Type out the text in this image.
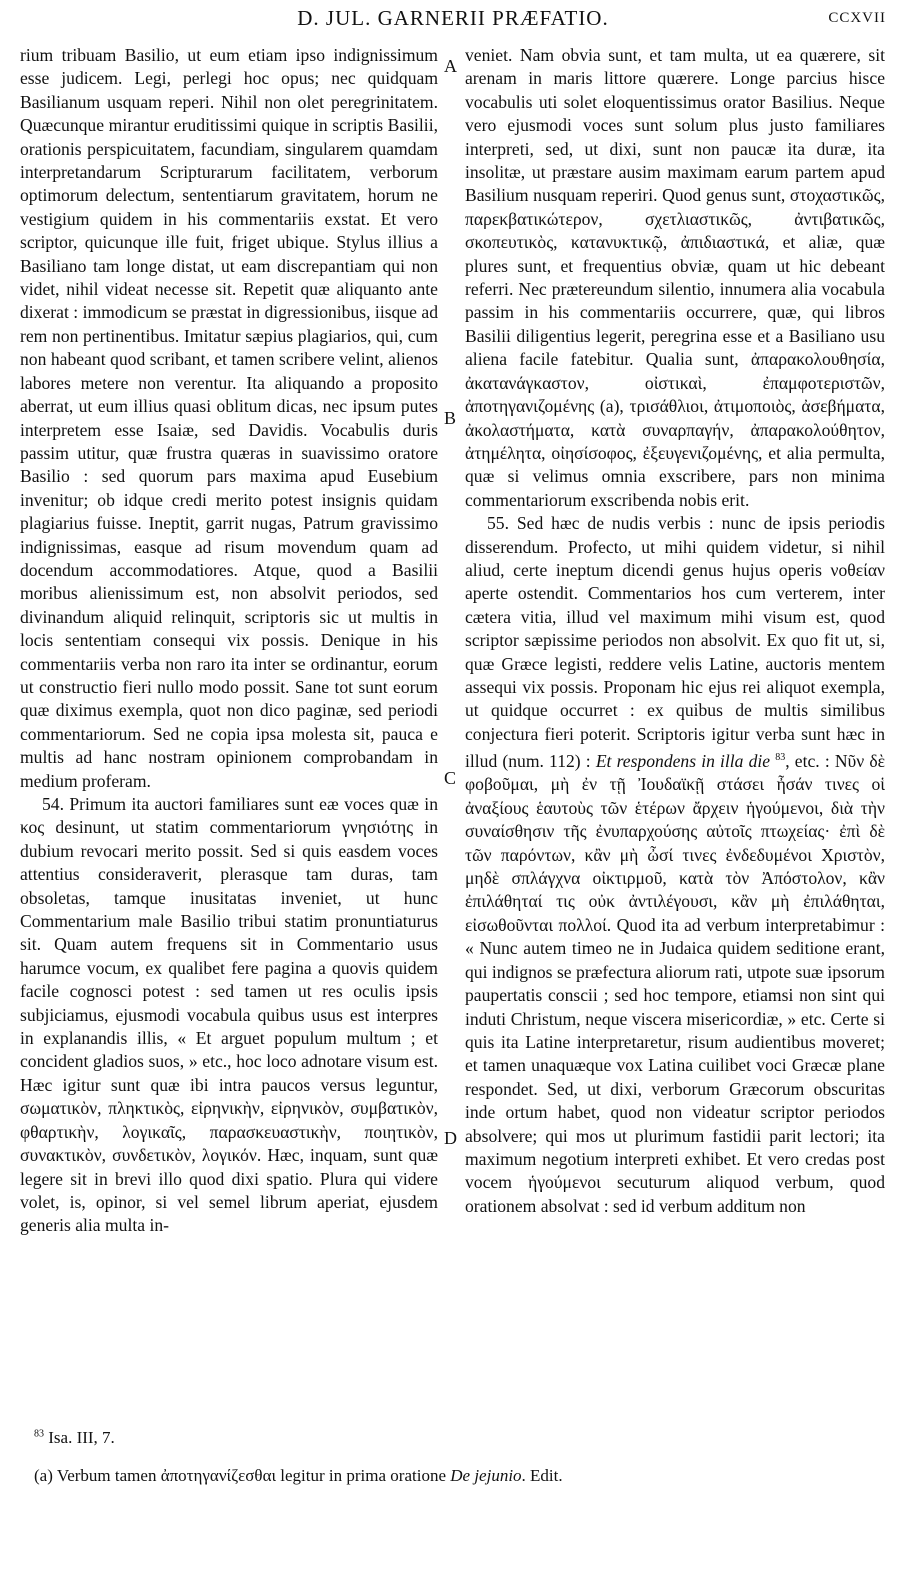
D. JUL. GARNERII PRÆFATIO.	CCXVII

rium tribuam Basilio, ut eum etiam ipso indignissimum esse judicem. Legi, perlegi hoc opus; nec quidquam Basilianum usquam reperi. Nihil non olet peregrinitatem. Quæcunque mirantur eruditissimi quique in scriptis Basilii, orationis perspicuitatem, facundiam, singularem quamdam interpretandarum Scripturarum facilitatem, verborum optimorum delectum, sententiarum gravitatem, horum ne vestigium quidem in his commentariis exstat. Et vero scriptor, quicunque ille fuit, friget ubique. Stylus illius a Basiliano tam longe distat, ut eam discrepantiam qui non videt, nihil videat necesse sit. Repetit quæ aliquanto ante dixerat : immodicum se præstat in digressionibus, iisque ad rem non pertinentibus. Imitatur sæpius plagiarios, qui, cum non habeant quod scribant, et tamen scribere velint, alienos labores metere non verentur. Ita aliquando a proposito aberrat, ut eum illius quasi oblitum dicas, nec ipsum putes interpretem esse Isaiæ, sed Davidis. Vocabulis duris passim utitur, quæ frustra quæras in suavissimo oratore Basilio : sed quorum pars maxima apud Eusebium invenitur; ob idque credi merito potest insignis quidam plagiarius fuisse. Ineptit, garrit nugas, Patrum gravissimo indignissimas, easque ad risum movendum quam ad docendum accommodatiores. Atque, quod a Basilii moribus alienissimum est, non absolvit periodos, sed divinandum aliquid relinquit, scriptoris sic ut multis in locis sententiam consequi vix possis. Denique in his commentariis verba non raro ita inter se ordinantur, eorum ut constructio fieri nullo modo possit. Sane tot sunt eorum quæ diximus exempla, quot non dico paginæ, sed periodi commentariorum. Sed ne copia ipsa molesta sit, pauca e multis ad hanc nostram opinionem comprobandam in medium proferam.

54. Primum ita auctori familiares sunt eæ voces quæ in κος desinunt, ut statim commentariorum γνησιότης in dubium revocari merito possit. Sed si quis easdem voces attentius consideraverit, plerasque tam duras, tam obsoletas, tamque inusitatas inveniet, ut hunc Commentarium male Basilio tribui statim pronuntiaturus sit. Quam autem frequens sit in Commentario usus harumce vocum, ex qualibet fere pagina a quovis quidem facile cognosci potest : sed tamen ut res oculis ipsis subjiciamus, ejusmodi vocabula quibus usus est interpres in explanandis illis, « Et arguet populum multum ; et concident gladios suos, » etc., hoc loco adnotare visum est. Hæc igitur sunt quæ ibi intra paucos versus leguntur, σωματικὸν, πληκτικὸς, εἰρηνικὴν, εἰρηνικὸν, συμβατικὸν, φθαρτικὴν, λογικαῖς, παρασκευαστικὴν, ποιητικὸν, συνακτικὸν, συνδετικὸν, λογικόν. Hæc, inquam, sunt quæ legere sit in brevi illo quod dixi spatio. Plura qui videre volet, is, opinor, si vel semel librum aperiat, ejusdem generis alia multa in-

A
B
C
D

veniet. Nam obvia sunt, et tam multa, ut ea quærere, sit arenam in maris littore quærere. Longe parcius hisce vocabulis uti solet eloquentissimus orator Basilius. Neque vero ejusmodi voces sunt solum plus justo familiares interpreti, sed, ut dixi, sunt non paucæ ita duræ, ita insolitæ, ut præstare ausim maximam earum partem apud Basilium nusquam reperiri. Quod genus sunt, στοχαστικῶς, παρεκβατικώτερον, σχετλιαστικῶς, ἀντιβατικῶς, σκοπευτικὸς, κατανυκτικῷ, ἀπιδιαστικά, et aliæ, quæ plures sunt, et frequentius obviæ, quam ut hic debeant referri. Nec prætereundum silentio, innumera alia vocabula passim in his commentariis occurrere, quæ, qui libros Basilii diligentius legerit, peregrina esse et a Basiliano usu aliena facile fatebitur. Qualia sunt, ἀπαρακολουθησία, ἀκατανάγκαστον, οἰστικαὶ, ἐπαμφοτεριστῶν, ἀποτηγανιζομένης (a), τρισάθλιοι, ἀτιμοποιὸς, ἀσεβήματα, ἀκολαστήματα, κατὰ συναρπαγήν, ἀπαρακολούθητον, ἀτημέλητα, οἰησίσοφος, ἐξευγενιζομένης, et alia permulta, quæ si velimus omnia exscribere, pars non minima commentariorum exscribenda nobis erit.

55. Sed hæc de nudis verbis : nunc de ipsis periodis disserendum. Profecto, ut mihi quidem videtur, si nihil aliud, certe ineptum dicendi genus hujus operis νοθείαν aperte ostendit. Commentarios hos cum verterem, inter cætera vitia, illud vel maximum mihi visum est, quod scriptor sæpissime periodos non absolvit. Ex quo fit ut, si, quæ Græce legisti, reddere velis Latine, auctoris mentem assequi vix possis. Proponam hic ejus rei aliquot exempla, ut quidque occurret : ex quibus de multis similibus conjectura fieri poterit. Scriptoris igitur verba sunt hæc in illud (num. 112) : Et respondens in illa die $^{83}$, etc. : Νῦν δὲ φοβοῦμαι, μὴ ἐν τῇ Ἰουδαϊκῇ στάσει ἦσάν τινες οἱ ἀναξίους ἑαυτοὺς τῶν ἑτέρων ἄρχειν ἡγούμενοι, διὰ τὴν συναίσθησιν τῆς ἐνυπαρχούσης αὐτοῖς πτωχείας· ἐπὶ δὲ τῶν παρόντων, κἂν μὴ ὦσί τινες ἐνδεδυμένοι Χριστὸν, μηδὲ σπλάγχνα οἰκτιρμοῦ, κατὰ τὸν Ἀπόστολον, κἂν ἐπιλάθηταί τις οὐκ ἀντιλέγουσι, κἂν μὴ ἐπιλάθηται, εἰσωθοῦνται πολλοί. Quod ita ad verbum interpretabimur : « Nunc autem timeo ne in Judaica quidem seditione erant, qui indignos se præfectura aliorum rati, utpote suæ ipsorum paupertatis conscii ; sed hoc tempore, etiamsi non sint qui induti Christum, neque viscera misericordiæ, » etc. Certe si quis ita Latine interpretaretur, risum audientibus moveret; et tamen unaquæque vox Latina cuilibet voci Græcæ plane respondet. Sed, ut dixi, verborum Græcorum obscuritas inde ortum habet, quod non videatur scriptor periodos absolvere; qui mos ut plurimum fastidii parit lectori; ita maximum negotium interpreti exhibet. Et vero credas post vocem ἡγούμενοι secuturum aliquod verbum, quod orationem absolvat : sed id verbum additum non

$^{83}$ Isa. III, 7.
(a) Verbum tamen ἀποτηγανίζεσθαι legitur in prima oratione De jejunio. Edit.
